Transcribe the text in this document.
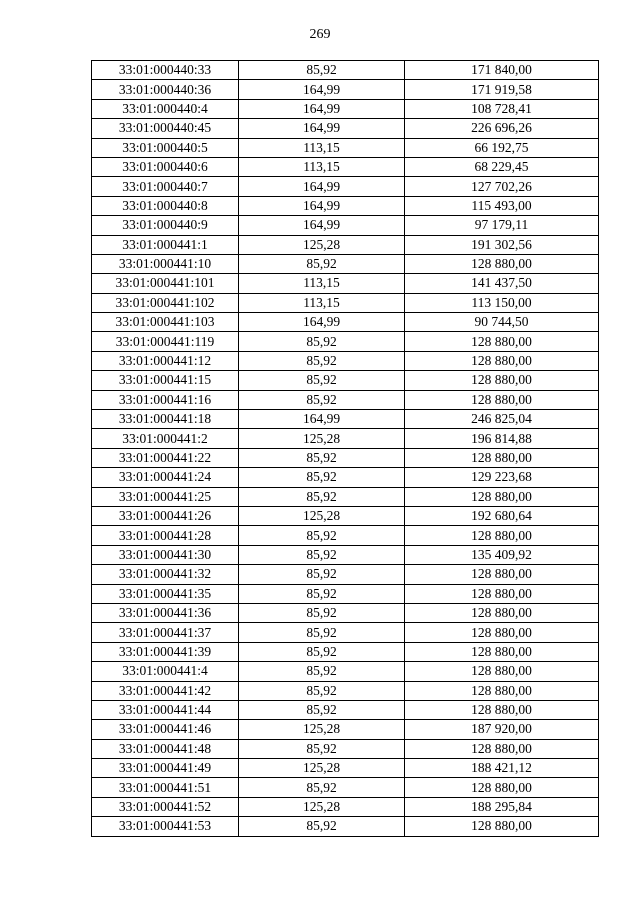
269
33:01:000440:33	85,92	171 840,00
33:01:000440:36	164,99	171 919,58
33:01:000440:4	164,99	108 728,41
33:01:000440:45	164,99	226 696,26
33:01:000440:5	113,15	66 192,75
33:01:000440:6	113,15	68 229,45
33:01:000440:7	164,99	127 702,26
33:01:000440:8	164,99	115 493,00
33:01:000440:9	164,99	97 179,11
33:01:000441:1	125,28	191 302,56
33:01:000441:10	85,92	128 880,00
33:01:000441:101	113,15	141 437,50
33:01:000441:102	113,15	113 150,00
33:01:000441:103	164,99	90 744,50
33:01:000441:119	85,92	128 880,00
33:01:000441:12	85,92	128 880,00
33:01:000441:15	85,92	128 880,00
33:01:000441:16	85,92	128 880,00
33:01:000441:18	164,99	246 825,04
33:01:000441:2	125,28	196 814,88
33:01:000441:22	85,92	128 880,00
33:01:000441:24	85,92	129 223,68
33:01:000441:25	85,92	128 880,00
33:01:000441:26	125,28	192 680,64
33:01:000441:28	85,92	128 880,00
33:01:000441:30	85,92	135 409,92
33:01:000441:32	85,92	128 880,00
33:01:000441:35	85,92	128 880,00
33:01:000441:36	85,92	128 880,00
33:01:000441:37	85,92	128 880,00
33:01:000441:39	85,92	128 880,00
33:01:000441:4	85,92	128 880,00
33:01:000441:42	85,92	128 880,00
33:01:000441:44	85,92	128 880,00
33:01:000441:46	125,28	187 920,00
33:01:000441:48	85,92	128 880,00
33:01:000441:49	125,28	188 421,12
33:01:000441:51	85,92	128 880,00
33:01:000441:52	125,28	188 295,84
33:01:000441:53	85,92	128 880,00
